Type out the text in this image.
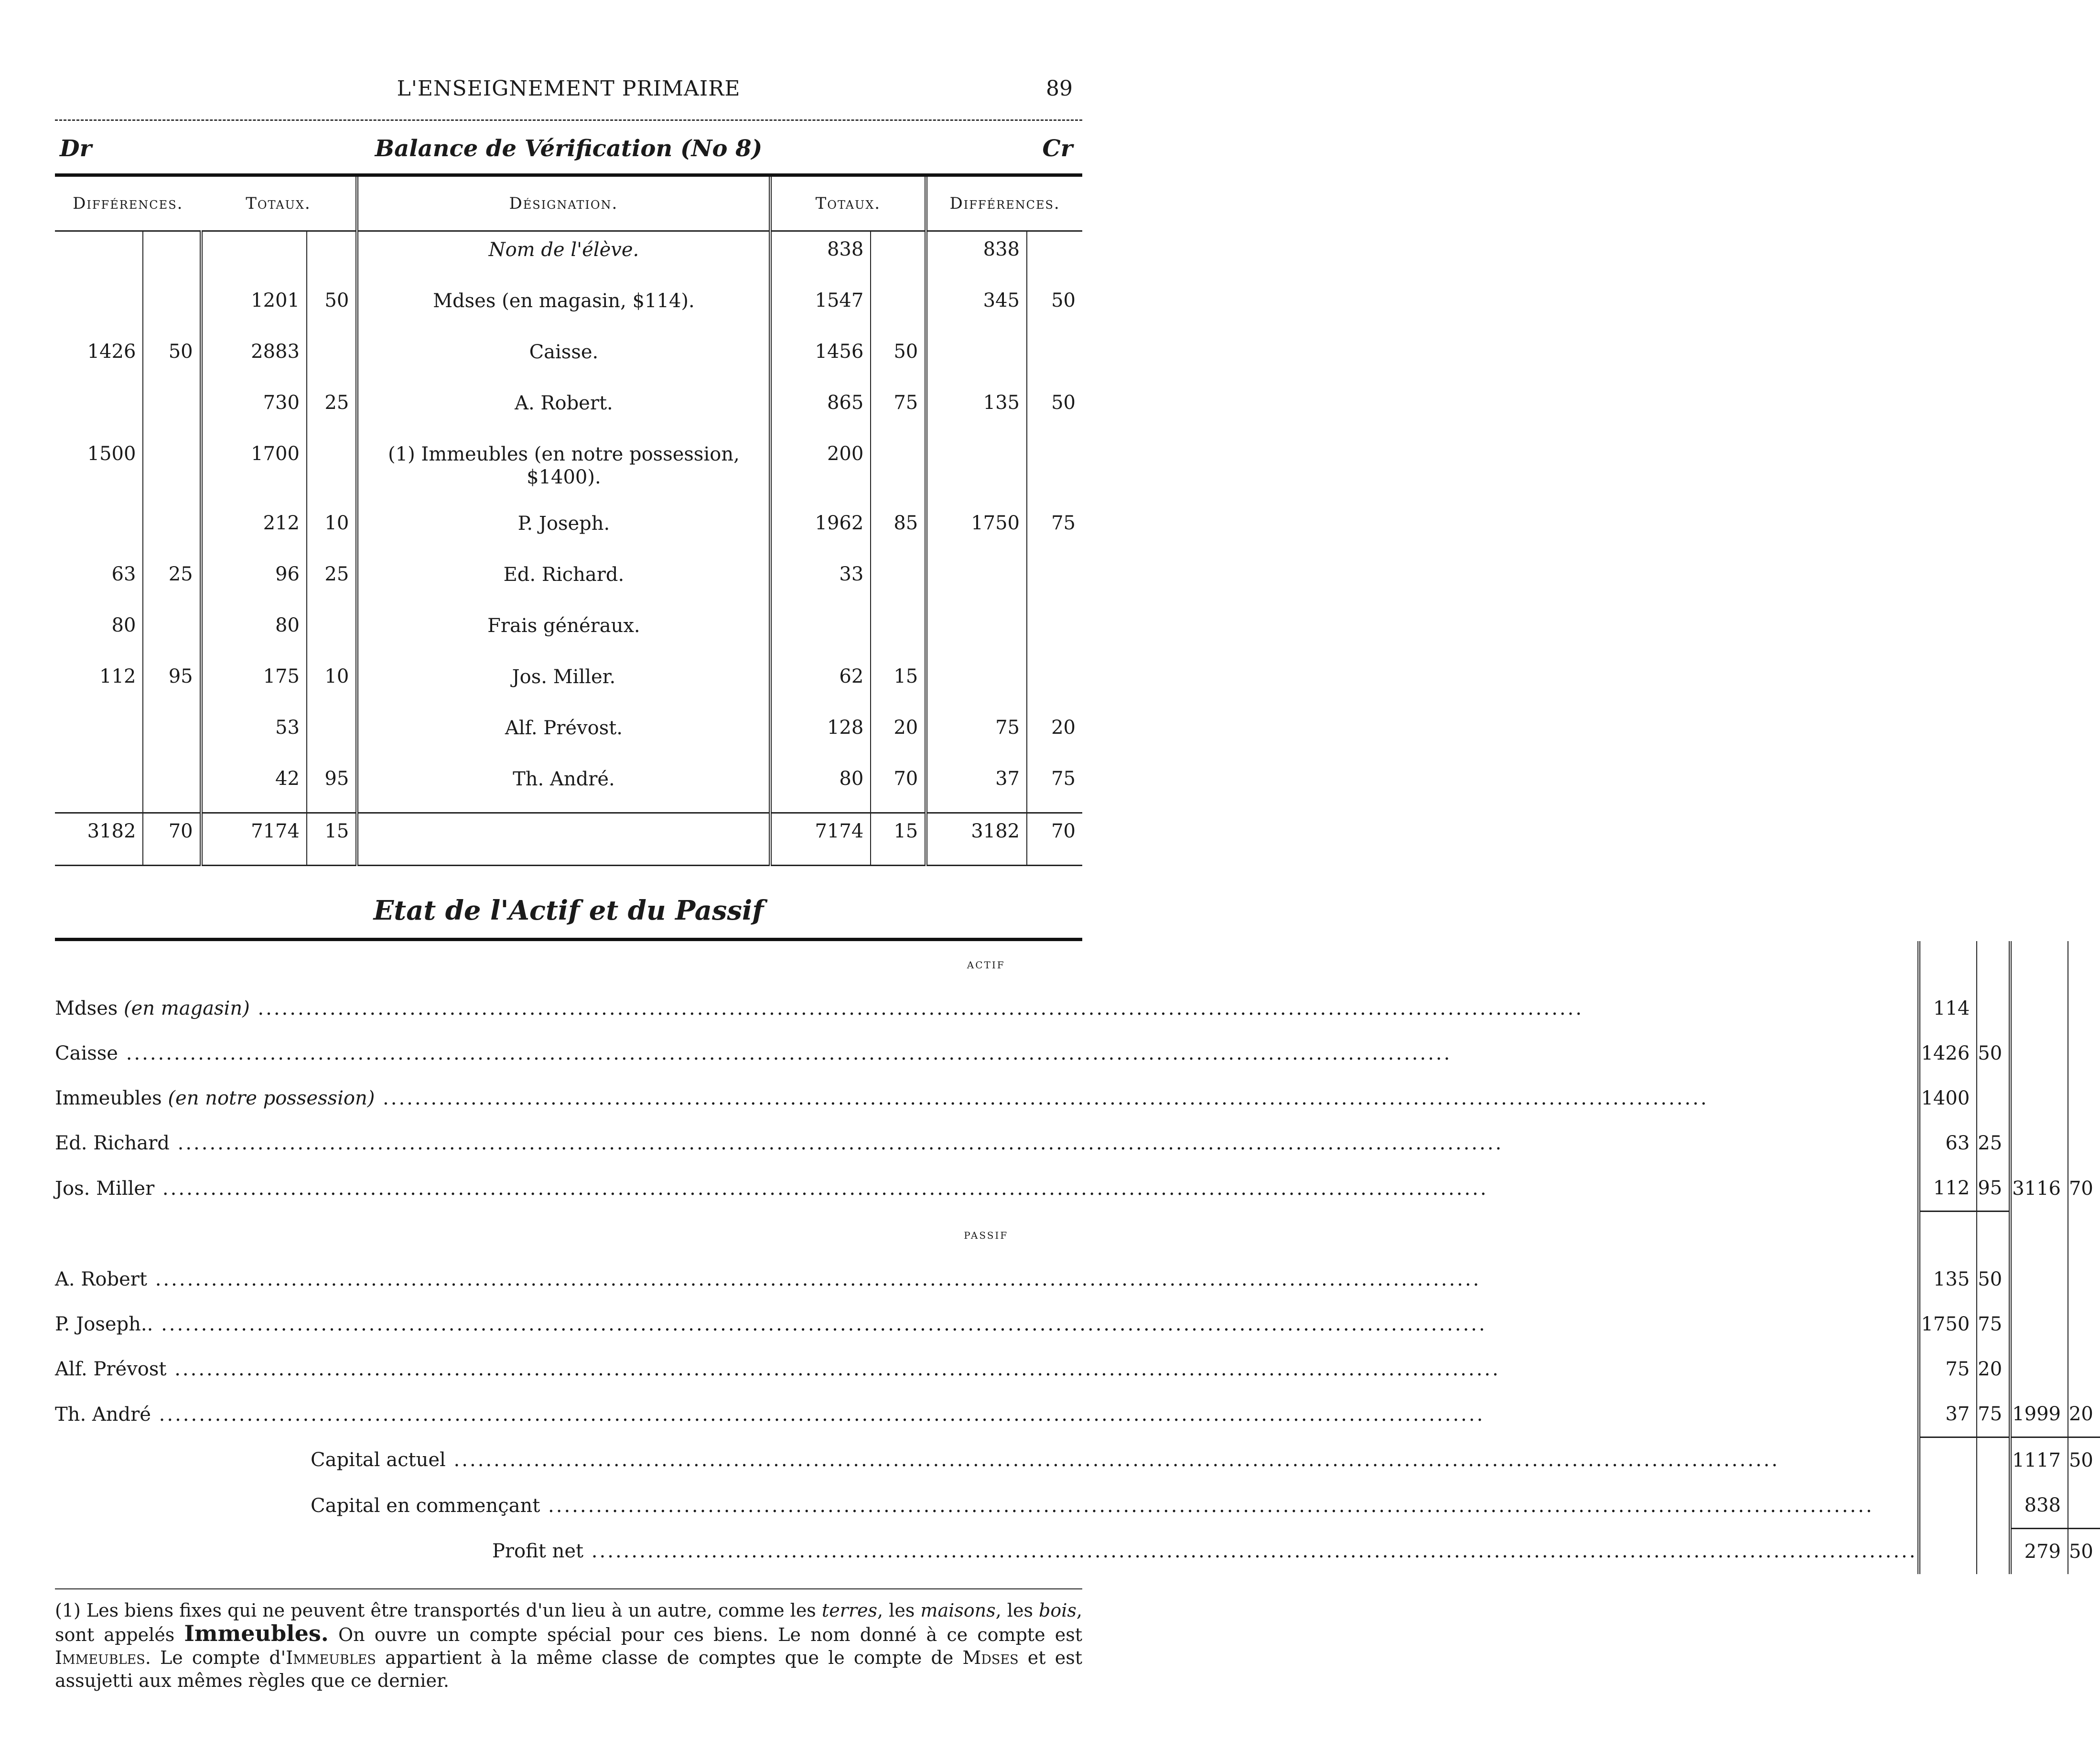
L'ENSEIGNEMENT PRIMAIRE	89
Dr	Balance de Vérification (No 8)	Cr
Différences.		Totaux.		Désignation.	Totaux.		Différences.	
				Nom de l'élève.	838		838	
		1201	50	Mdses (en magasin, $114).	1547		345	50
1426	50	2883		Caisse.	1456	50		
		730	25	A. Robert.	865	75	135	50
1500		1700		(1) Immeubles (en notre possession, $1400).	200			
		212	10	P. Joseph.	1962	85	1750	75
63	25	96	25	Ed. Richard.	33			
80		80		Frais généraux.				
112	95	175	10	Jos. Miller.	62	15		
		53		Alf. Prévost.	128	20	75	20
		42	95	Th. André.	80	70	37	75
3182	70	7174	15		7174	15	3182	70
Etat de l'Actif et du Passif
actif				
Mdses (en magasin) .....	114			
Caisse .....	1426	50		
Immeubles (en notre possession) .....	1400			
Ed. Richard .....	63	25		
Jos. Miller .....	112	95	3116	70
passif				
A. Robert .....	135	50		
P. Joseph.. .....	1750	75		
Alf. Prévost .....	75	20		
Th. André .....	37	75	1999	20
Capital actuel .....			1117	50
Capital en commençant .....			838	
Profit net .....			279	50
(1) Les biens fixes qui ne peuvent être transportés d'un lieu à un autre, comme les terres, les maisons, les bois, sont appelés Immeubles. On ouvre un compte spécial pour ces biens. Le nom donné à ce compte est Immeubles. Le compte d'Immeubles appartient à la même classe de comptes que le compte de Mdses et est assujetti aux mêmes règles que ce dernier.
